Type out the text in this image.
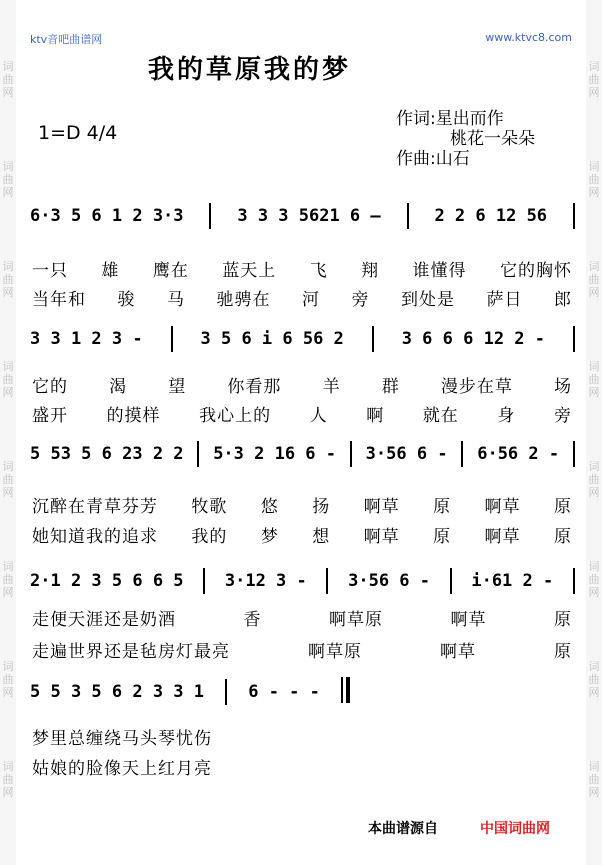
词曲网
词曲网
词曲网
词曲网
词曲网
词曲网
词曲网
词曲网
词曲网
词曲网
词曲网
词曲网
词曲网
词曲网
词曲网
词曲网
ktv音吧曲谱网	www.ktvc8.com
我的草原我的梦
1=D 4/4
作词:星出而作
桃花一朵朵
作曲:山石
6·3 5 6 1 2 3·3	3 3 3 5621 6 —	2 2 6 12 56
一只 雄 鹰在 蓝天上 飞 翔 谁懂得 它的胸怀
当年和 骏 马 驰骋在 河 旁 到处是 萨日 郎
3 3 1 2 3 -	3 5 6 i 6 56 2	3 6 6 6 12 2 -
它的 渴 望 你看那 羊 群 漫步在草 场
盛开 的摸样 我心上的 人 啊 就在 身 旁
5 53 5 6 23 2 2 5·3 2 16 6 - 3·56 6 - 6·56 2 -
沉醉在青草芬芳 牧歌 悠 扬 啊草 原 啊草 原
她知道我的追求 我的 梦 想 啊草 原 啊草 原
2·1 2 3 5 6 6 5 3·12 3 - 3·56 6 - i·61 2 -
走便天涯还是奶酒	香	啊草原	啊草	原
走遍世界还是毡房灯最亮	啊草原	啊草	原
5 5 3 5 6 2 3 3 1	6 - - -
梦里总缠绕马头琴忧伤
姑娘的脸像天上红月亮
本曲谱源自	中国词曲网
